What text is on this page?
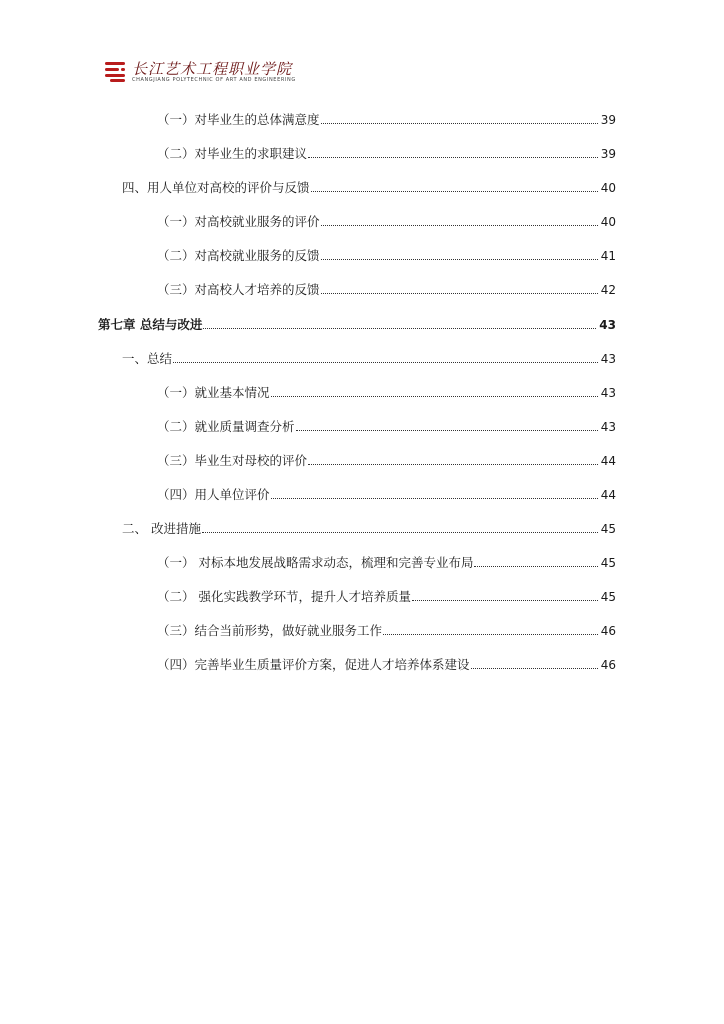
长江艺术工程职业学院
CHANGJIANG POLYTECHNIC OF ART AND ENGINEERING
（一）对毕业生的总体满意度	39
（二）对毕业生的求职建议	39
四、用人单位对高校的评价与反馈	40
（一）对高校就业服务的评价	40
（二）对高校就业服务的反馈	41
（三）对高校人才培养的反馈	42
第七章 总结与改进	43
一、总结	43
（一）就业基本情况	43
（二）就业质量调查分析	43
（三）毕业生对母校的评价	44
（四）用人单位评价	44
二、 改进措施	45
（一） 对标本地发展战略需求动态，梳理和完善专业布局	45
（二） 强化实践教学环节，提升人才培养质量	45
（三）结合当前形势，做好就业服务工作	46
（四）完善毕业生质量评价方案，促进人才培养体系建设	46
